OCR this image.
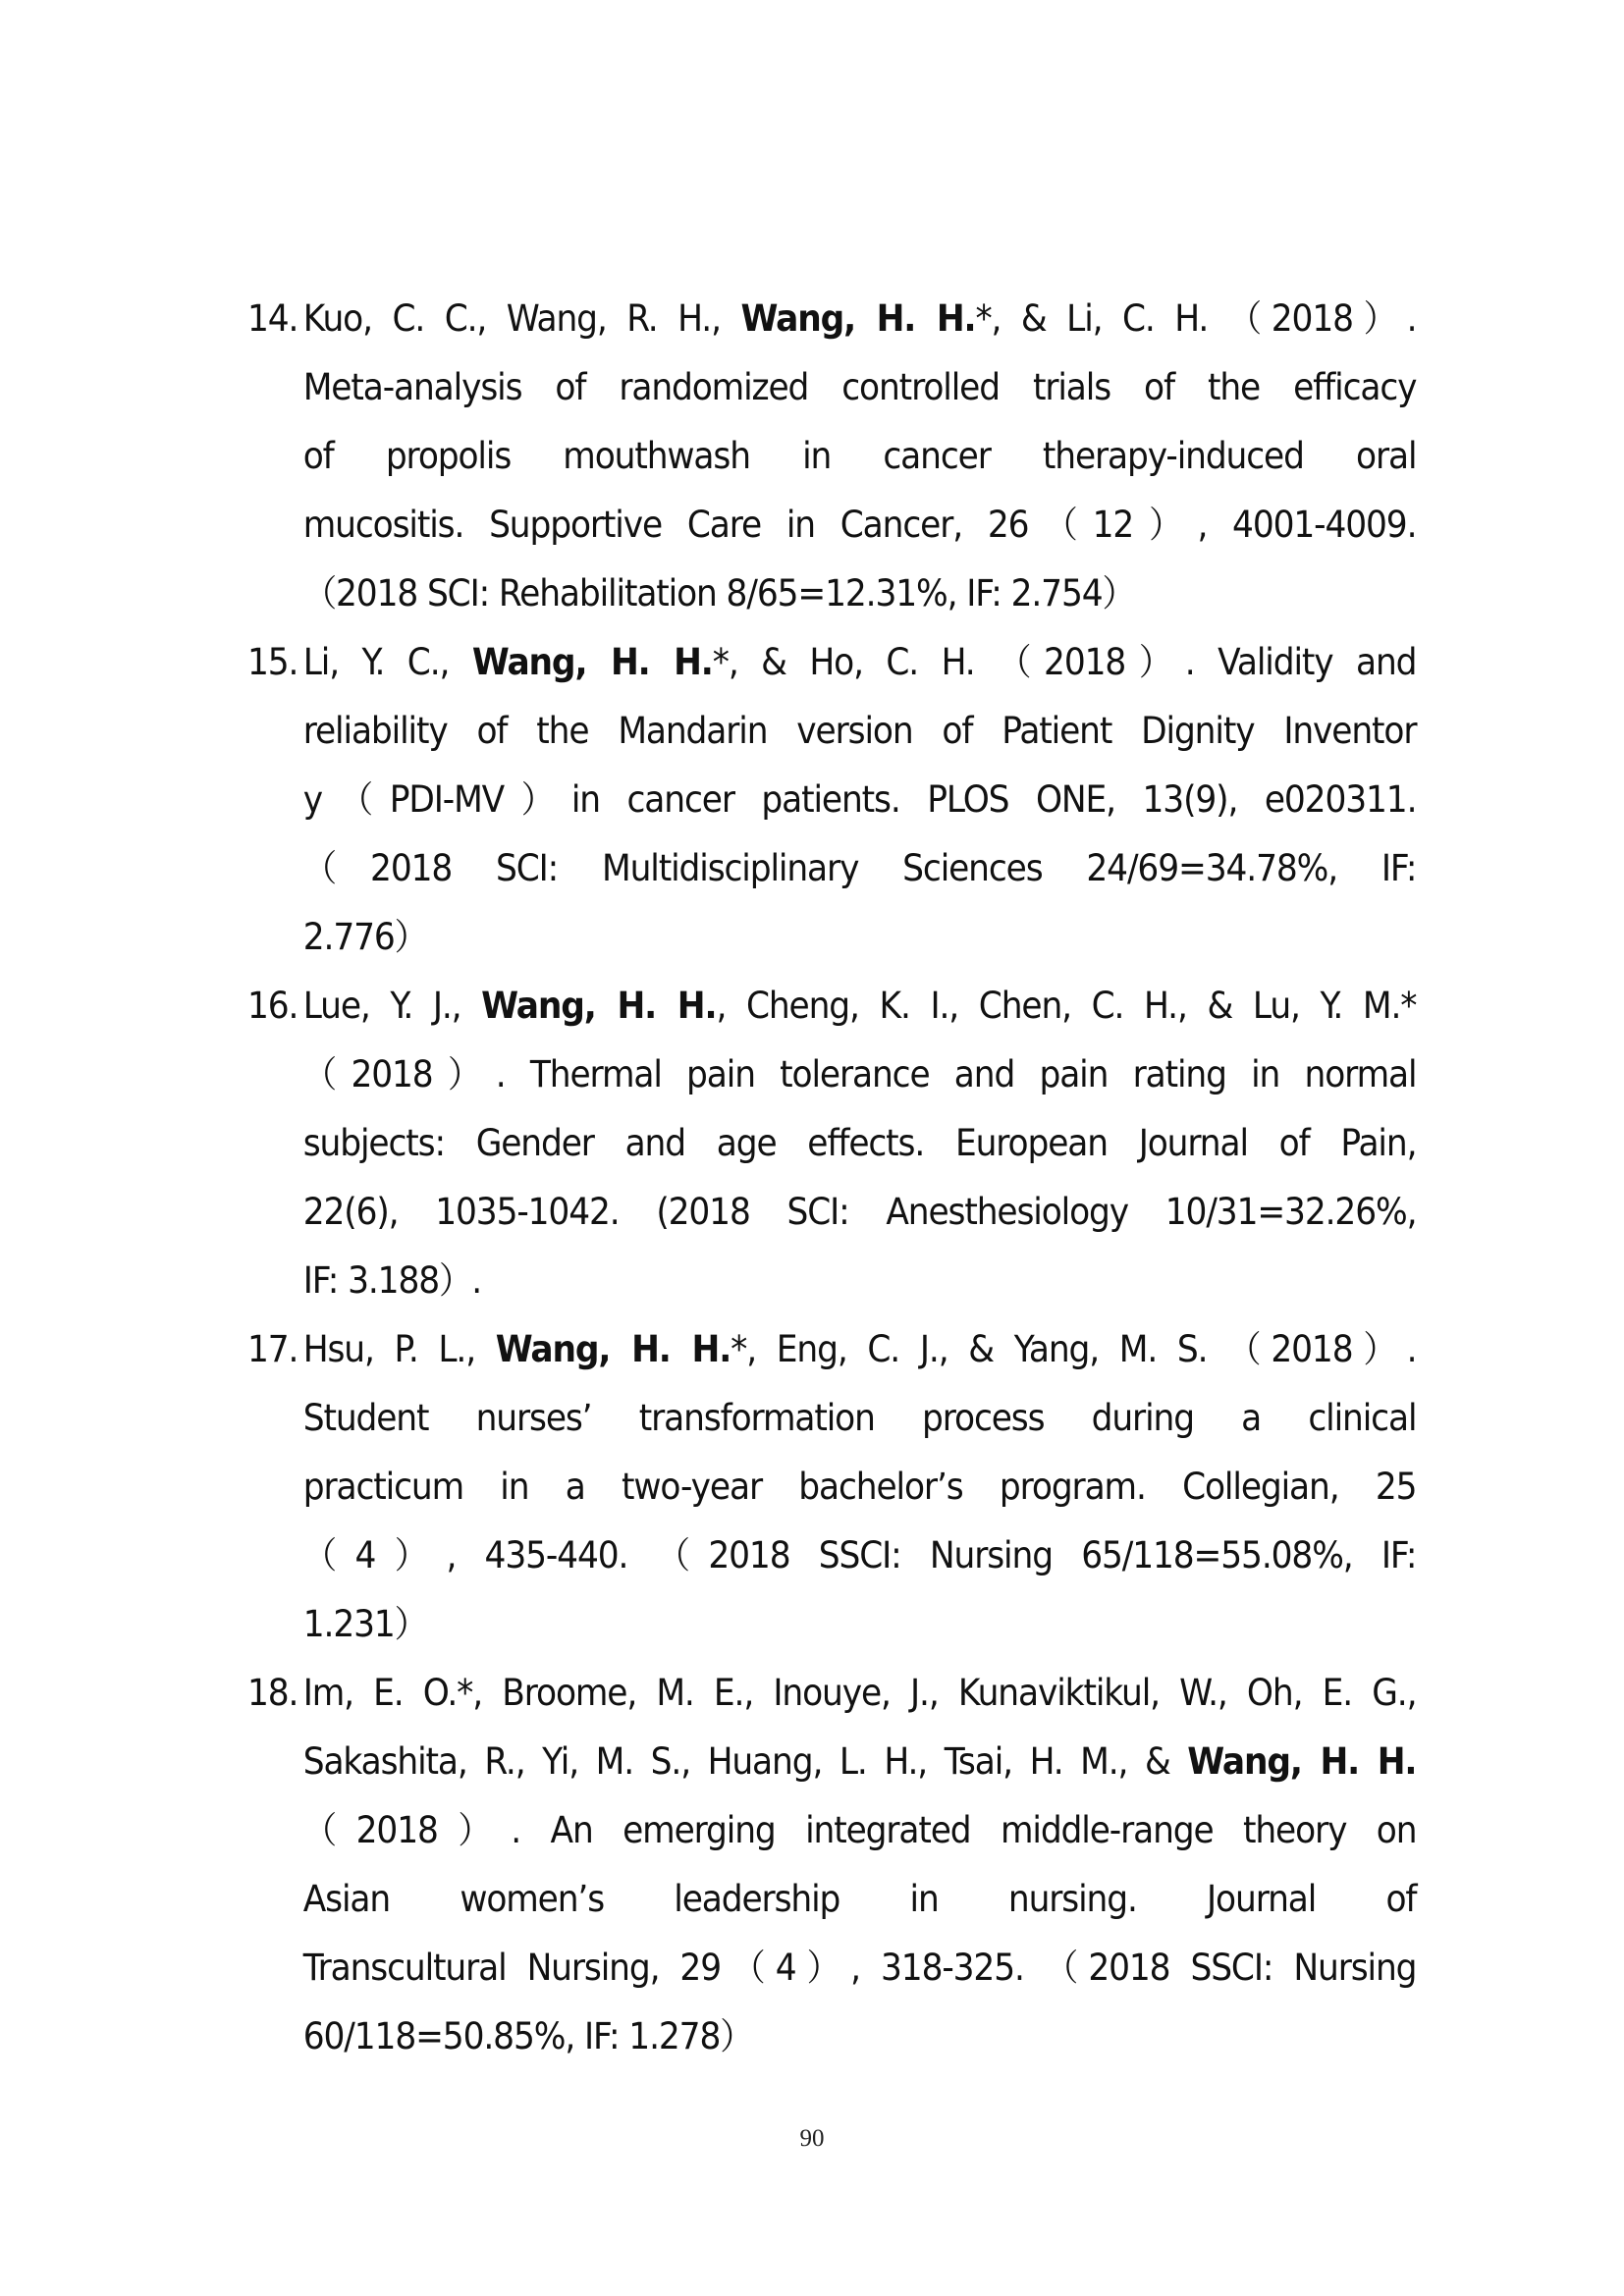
14. Kuo, C. C., Wang, R. H., Wang, H. H.*, & Li, C. H. （2018）.
Meta-analysis of randomized controlled trials of the efficacy
of propolis mouthwash in cancer therapy-induced oral
mucositis. Supportive Care in Cancer, 26（12）, 4001-4009.
（2018 SCI: Rehabilitation 8/65=12.31%, IF: 2.754）
15. Li, Y. C., Wang, H. H.*, & Ho, C. H. （2018）. Validity and
reliability of the Mandarin version of Patient Dignity Inventor
y（PDI-MV）in cancer patients. PLOS ONE, 13(9), e020311.
（2018 SCI: Multidisciplinary Sciences 24/69=34.78%, IF:
2.776）
16. Lue, Y. J., Wang, H. H., Cheng, K. I., Chen, C. H., & Lu, Y. M.*
（2018）. Thermal pain tolerance and pain rating in normal
subjects: Gender and age effects. European Journal of Pain,
22(6), 1035-1042. (2018 SCI: Anesthesiology 10/31=32.26%,
IF: 3.188）.
17. Hsu, P. L., Wang, H. H.*, Eng, C. J., & Yang, M. S. （2018）.
Student nurses’ transformation process during a clinical
practicum in a two-year bachelor’s program. Collegian, 25
（4）, 435-440. （2018 SSCI: Nursing 65/118=55.08%, IF:
1.231）
18. Im, E. O.*, Broome, M. E., Inouye, J., Kunaviktikul, W., Oh, E. G.,
Sakashita, R., Yi, M. S., Huang, L. H., Tsai, H. M., & Wang, H. H.
（2018）. An emerging integrated middle-range theory on
Asian women’s leadership in nursing. Journal of
Transcultural Nursing, 29（4）, 318-325. （2018 SSCI: Nursing
60/118=50.85%, IF: 1.278）
90
